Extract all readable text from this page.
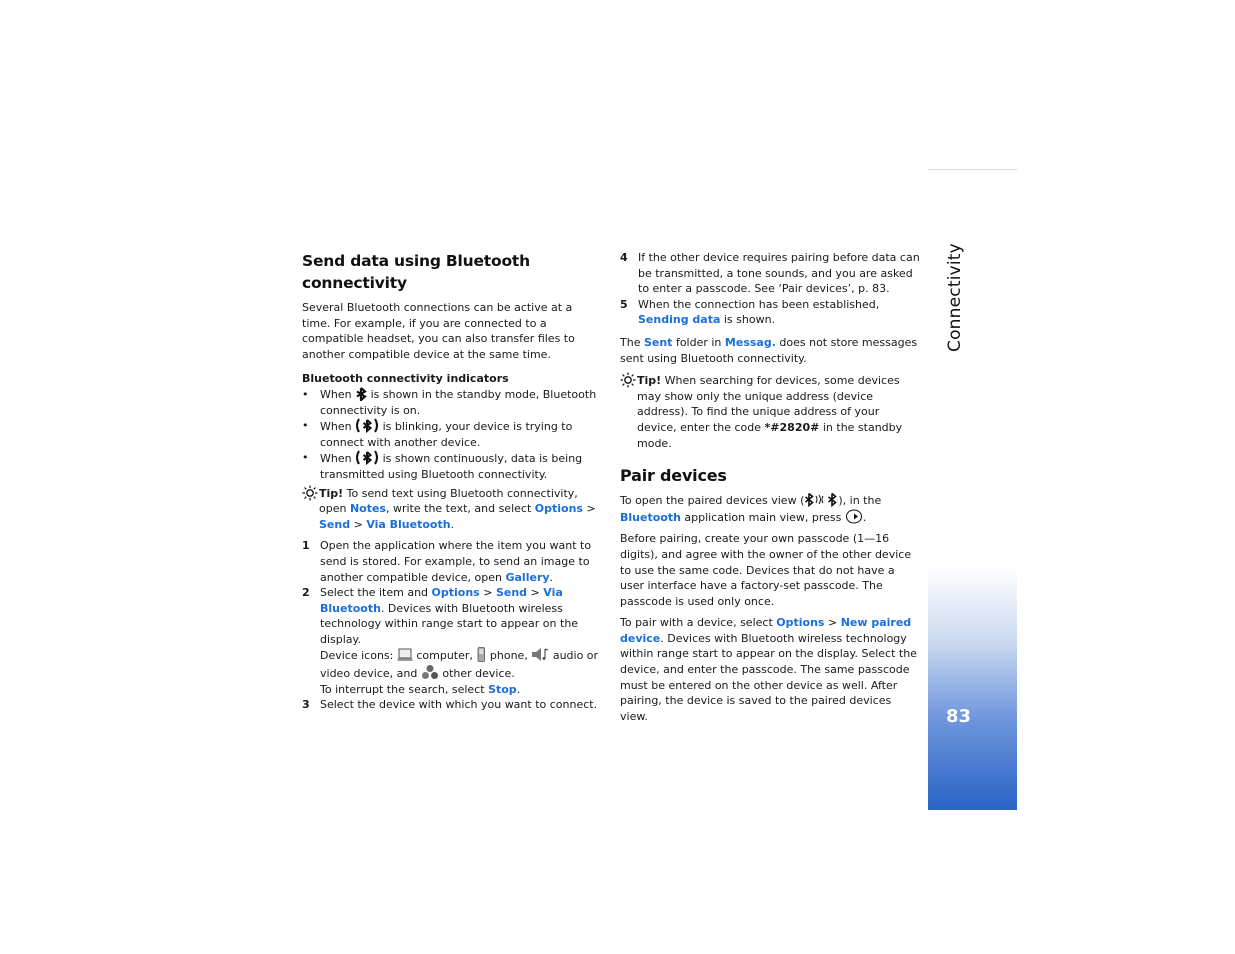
Connectivity
83
Send data using Bluetooth connectivity

Several Bluetooth connections can be active at a time. For example, if you are connected to a compatible headset, you can also transfer files to another compatible device at the same time.

Bluetooth connectivity indicators

• When  is shown in the standby mode, Bluetooth connectivity is on.
• When  is blinking, your device is trying to connect with another device.
• When  is shown continuously, data is being transmitted using Bluetooth connectivity.
Tip! To send text using Bluetooth connectivity, open Notes, write the text, and select Options > Send > Via Bluetooth.
1 Open the application where the item you want to send is stored. For example, to send an image to another compatible device, open Gallery.
2 Select the item and Options > Send > Via Bluetooth. Devices with Bluetooth wireless technology within range start to appear on the display.
Device icons:  computer,  phone,  audio or video device, and  other device.
To interrupt the search, select Stop.
3 Select the device with which you want to connect.
4 If the other device requires pairing before data can be transmitted, a tone sounds, and you are asked to enter a passcode. See ‘Pair devices’, p. 83.
5 When the connection has been established, Sending data is shown.

The Sent folder in Messag. does not store messages sent using Bluetooth connectivity.

Tip! When searching for devices, some devices may show only the unique address (device address). To find the unique address of your device, enter the code *#2820# in the standby mode.
Pair devices

To open the paired devices view (	), in the Bluetooth application main view, press .

Before pairing, create your own passcode (1—16 digits), and agree with the owner of the other device to use the same code. Devices that do not have a user interface have a factory-set passcode. The passcode is used only once.

To pair with a device, select Options > New paired device. Devices with Bluetooth wireless technology within range start to appear on the display. Select the device, and enter the passcode. The same passcode must be entered on the other device as well. After pairing, the device is saved to the paired devices view.
